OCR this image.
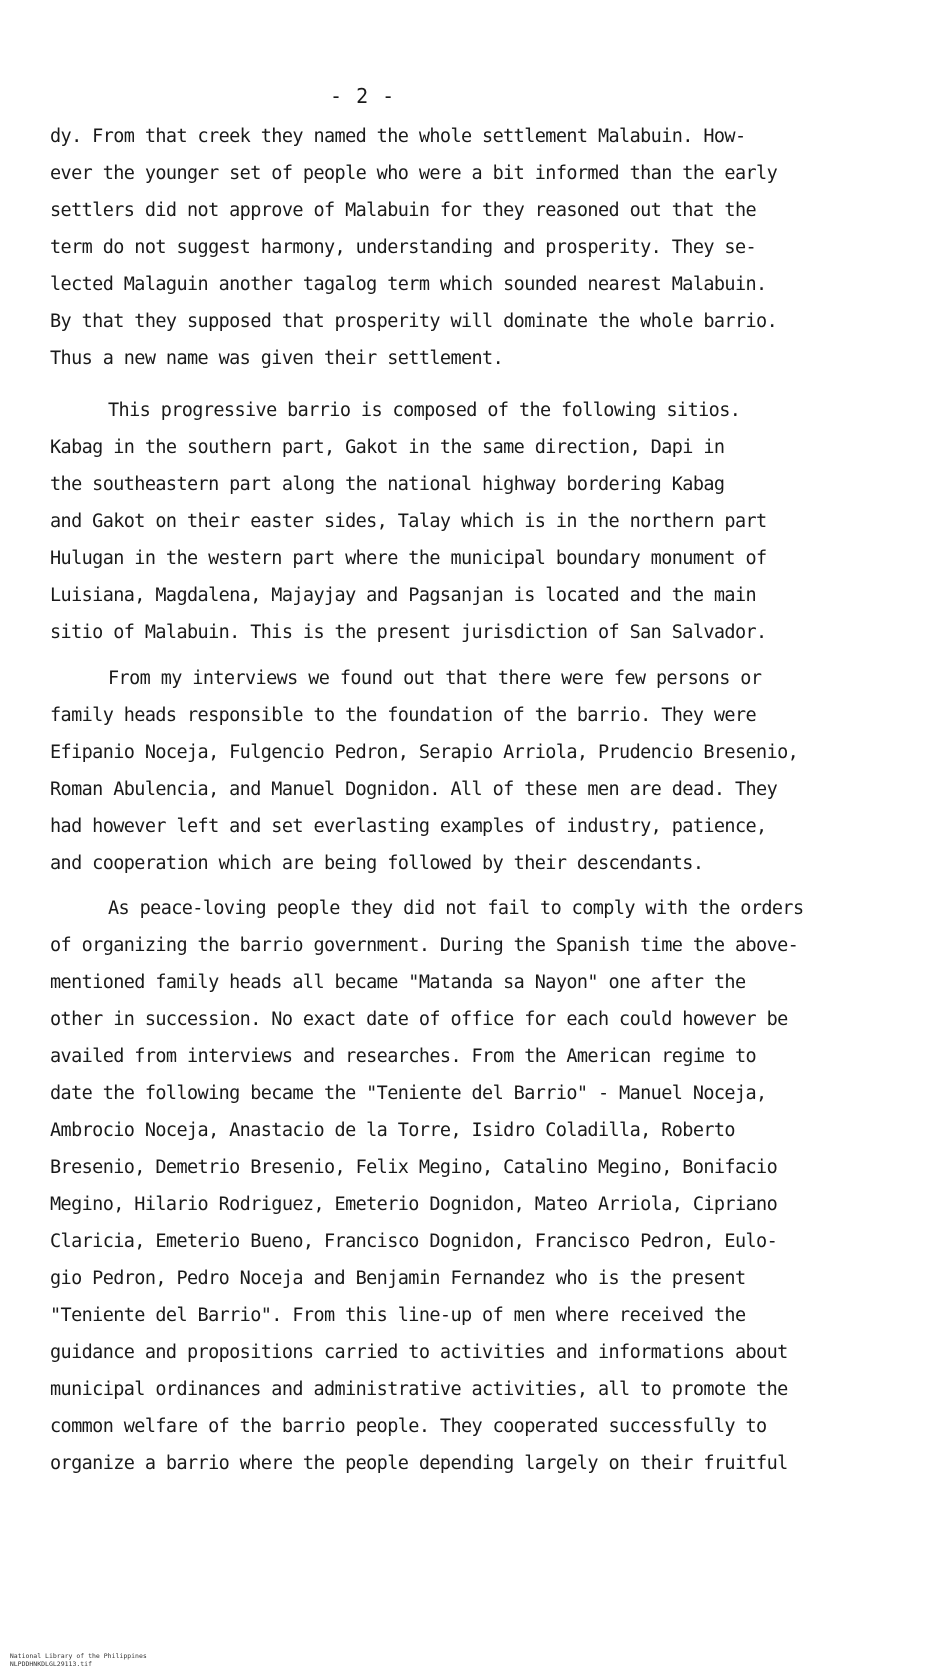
- 2 -
dy. From that creek they named the whole settlement Malabuin. How-
ever the younger set of people who were a bit informed than the early
settlers did not approve of Malabuin for they reasoned out that the
term do not suggest harmony, understanding and prosperity. They se-
lected Malaguin another tagalog term which sounded nearest Malabuin.
By that they supposed that prosperity will dominate the whole barrio.
Thus a new name was given their settlement.
This progressive barrio is composed of the following sitios.
Kabag in the southern part, Gakot in the same direction, Dapi in
the southeastern part along the national highway bordering Kabag
and Gakot on their easter sides, Talay which is in the northern part
Hulugan in the western part where the municipal boundary monument of
Luisiana, Magdalena, Majayjay and Pagsanjan is located and the main
sitio of Malabuin. This is the present jurisdiction of San Salvador.
From my interviews we found out that there were few persons or
family heads responsible to the foundation of the barrio. They were
Efipanio Noceja, Fulgencio Pedron, Serapio Arriola, Prudencio Bresenio,
Roman Abulencia, and Manuel Dognidon. All of these men are dead. They
had however left and set everlasting examples of industry, patience,
and cooperation which are being followed by their descendants.
As peace-loving people they did not fail to comply with the orders
of organizing the barrio government. During the Spanish time the above-
mentioned family heads all became "Matanda sa Nayon" one after the
other in succession. No exact date of office for each could however be
availed from interviews and researches. From the American regime to
date the following became the "Teniente del Barrio" - Manuel Noceja,
Ambrocio Noceja, Anastacio de la Torre, Isidro Coladilla, Roberto
Bresenio, Demetrio Bresenio, Felix Megino, Catalino Megino, Bonifacio
Megino, Hilario Rodriguez, Emeterio Dognidon, Mateo Arriola, Cipriano
Claricia, Emeterio Bueno, Francisco Dognidon, Francisco Pedron, Eulo-
gio Pedron, Pedro Noceja and Benjamin Fernandez who is the present
"Teniente del Barrio". From this line-up of men where received the
guidance and propositions carried to activities and informations about
municipal ordinances and administrative activities, all to promote the
common welfare of the barrio people. They cooperated successfully to
organize a barrio where the people depending largely on their fruitful

National Library of the Philippines
NLPDDHNKDLGL29113.tif
